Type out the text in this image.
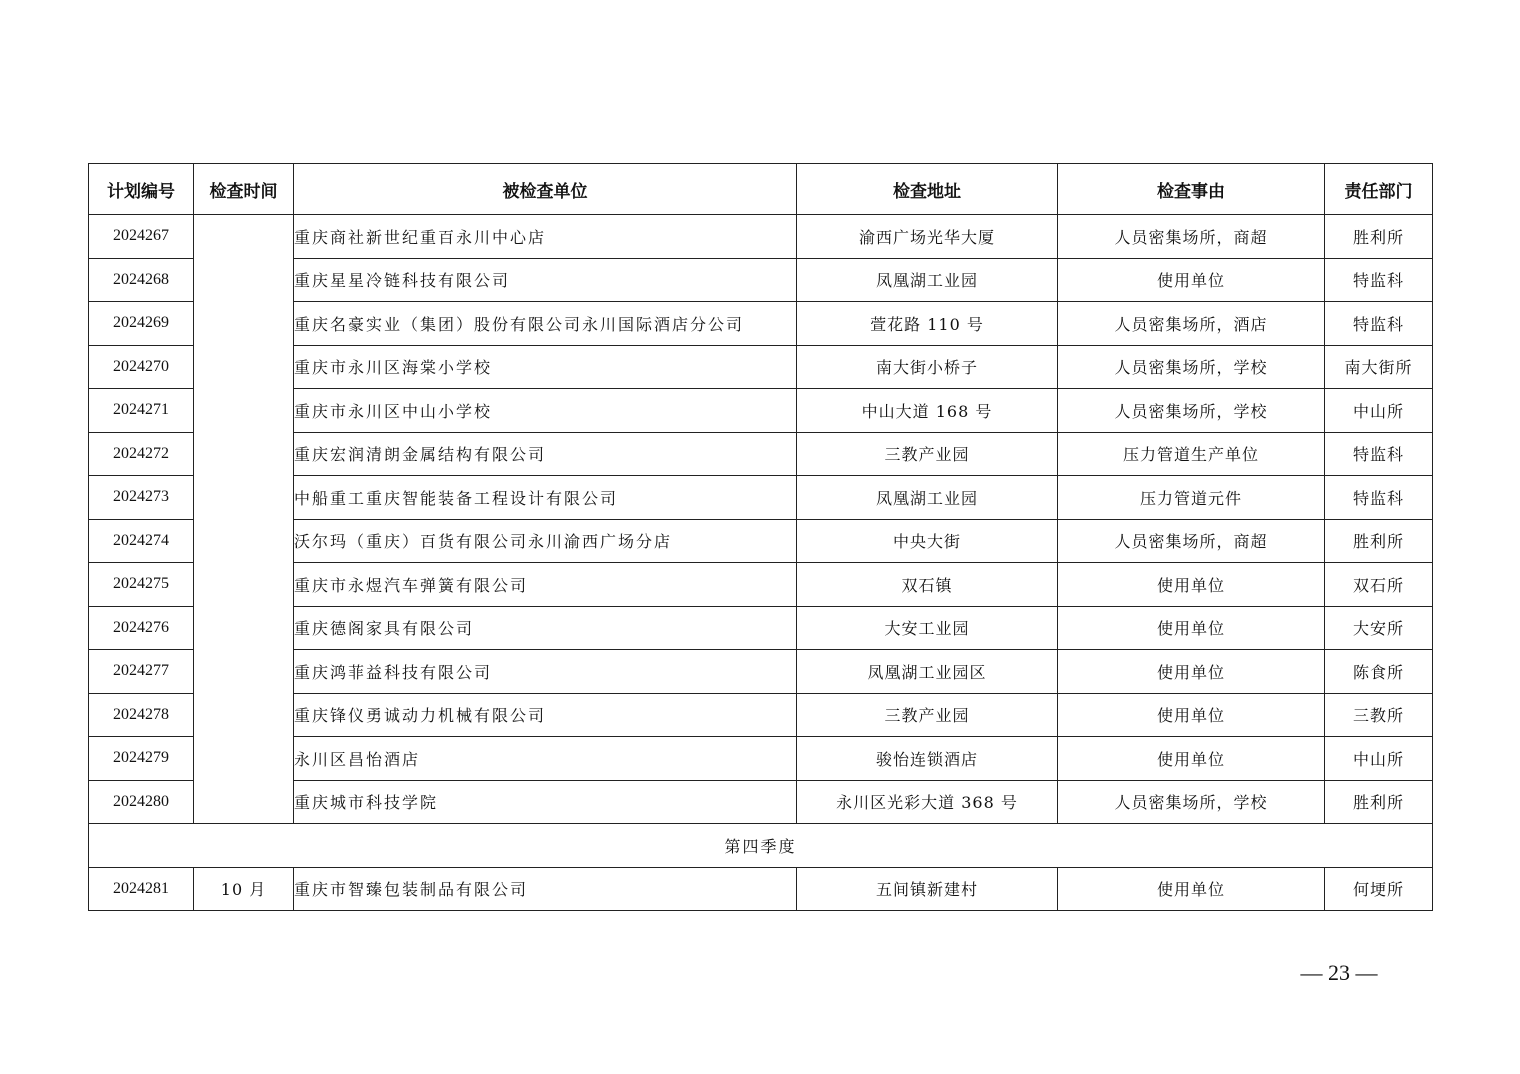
计划编号	检查时间	被检查单位	检查地址	检查事由	责任部门
2024267		重庆商社新世纪重百永川中心店	渝西广场光华大厦	人员密集场所，商超	胜利所
2024268		重庆星星冷链科技有限公司	凤凰湖工业园	使用单位	特监科
2024269		重庆名豪实业（集团）股份有限公司永川国际酒店分公司	萱花路 110 号	人员密集场所，酒店	特监科
2024270		重庆市永川区海棠小学校	南大街小桥子	人员密集场所，学校	南大街所
2024271		重庆市永川区中山小学校	中山大道 168 号	人员密集场所，学校	中山所
2024272		重庆宏润清朗金属结构有限公司	三教产业园	压力管道生产单位	特监科
2024273		中船重工重庆智能装备工程设计有限公司	凤凰湖工业园	压力管道元件	特监科
2024274		沃尔玛（重庆）百货有限公司永川渝西广场分店	中央大街	人员密集场所，商超	胜利所
2024275		重庆市永煜汽车弹簧有限公司	双石镇	使用单位	双石所
2024276		重庆德阁家具有限公司	大安工业园	使用单位	大安所
2024277		重庆鸿菲益科技有限公司	凤凰湖工业园区	使用单位	陈食所
2024278		重庆锋仪勇诚动力机械有限公司	三教产业园	使用单位	三教所
2024279		永川区昌怡酒店	骏怡连锁酒店	使用单位	中山所
2024280		重庆城市科技学院	永川区光彩大道 368 号	人员密集场所，学校	胜利所
第四季度					
2024281	10 月	重庆市智臻包装制品有限公司	五间镇新建村	使用单位	何埂所
— 23 —
